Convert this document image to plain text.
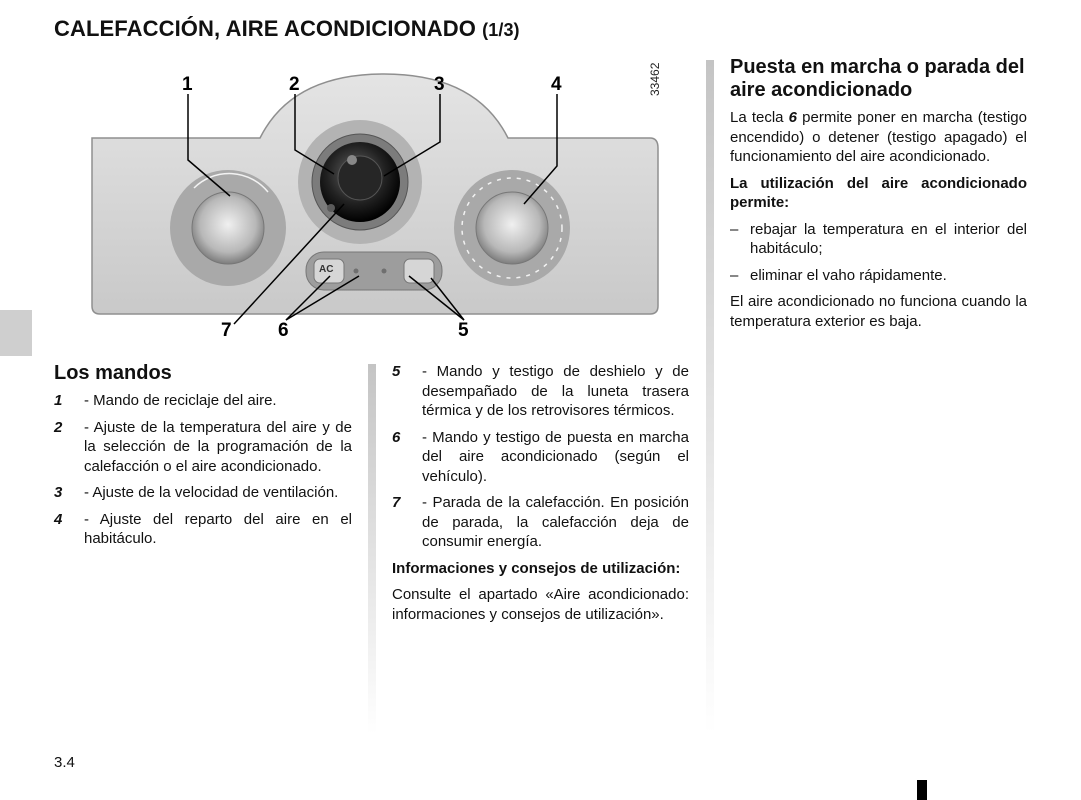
CALEFACCIÓN, AIRE ACONDICIONADO (1/3)
1	2	3	4
7 6	5
AC
33462
Los mandos
1	- Mando de reciclaje del aire.
2	- Ajuste de la temperatura del aire y de la selección de la programación de la calefacción o el aire acondicionado.
3	- Ajuste de la velocidad de ventilación.
4	- Ajuste del reparto del aire en el habitáculo.
5	- Mando y testigo de deshielo y de desempañado de la luneta trasera térmica y de los retrovisores térmicos.
6	- Mando y testigo de puesta en marcha del aire acondicionado (según el vehículo).
7	- Parada de la calefacción. En posición de parada, la calefacción deja de consumir energía.

Informaciones y consejos de utilización:

Consulte el apartado «Aire acondicionado: informaciones y consejos de utilización».

Puesta en marcha o parada del aire acondicionado

La tecla 6 permite poner en marcha (testigo encendido) o detener (testigo apagado) el funcionamiento del aire acondicionado.

La utilización del aire acondicionado permite:

– rebajar la temperatura en el interior del habitáculo;
– eliminar el vaho rápidamente.

El aire acondicionado no funciona cuando la temperatura exterior es baja.

3.4
